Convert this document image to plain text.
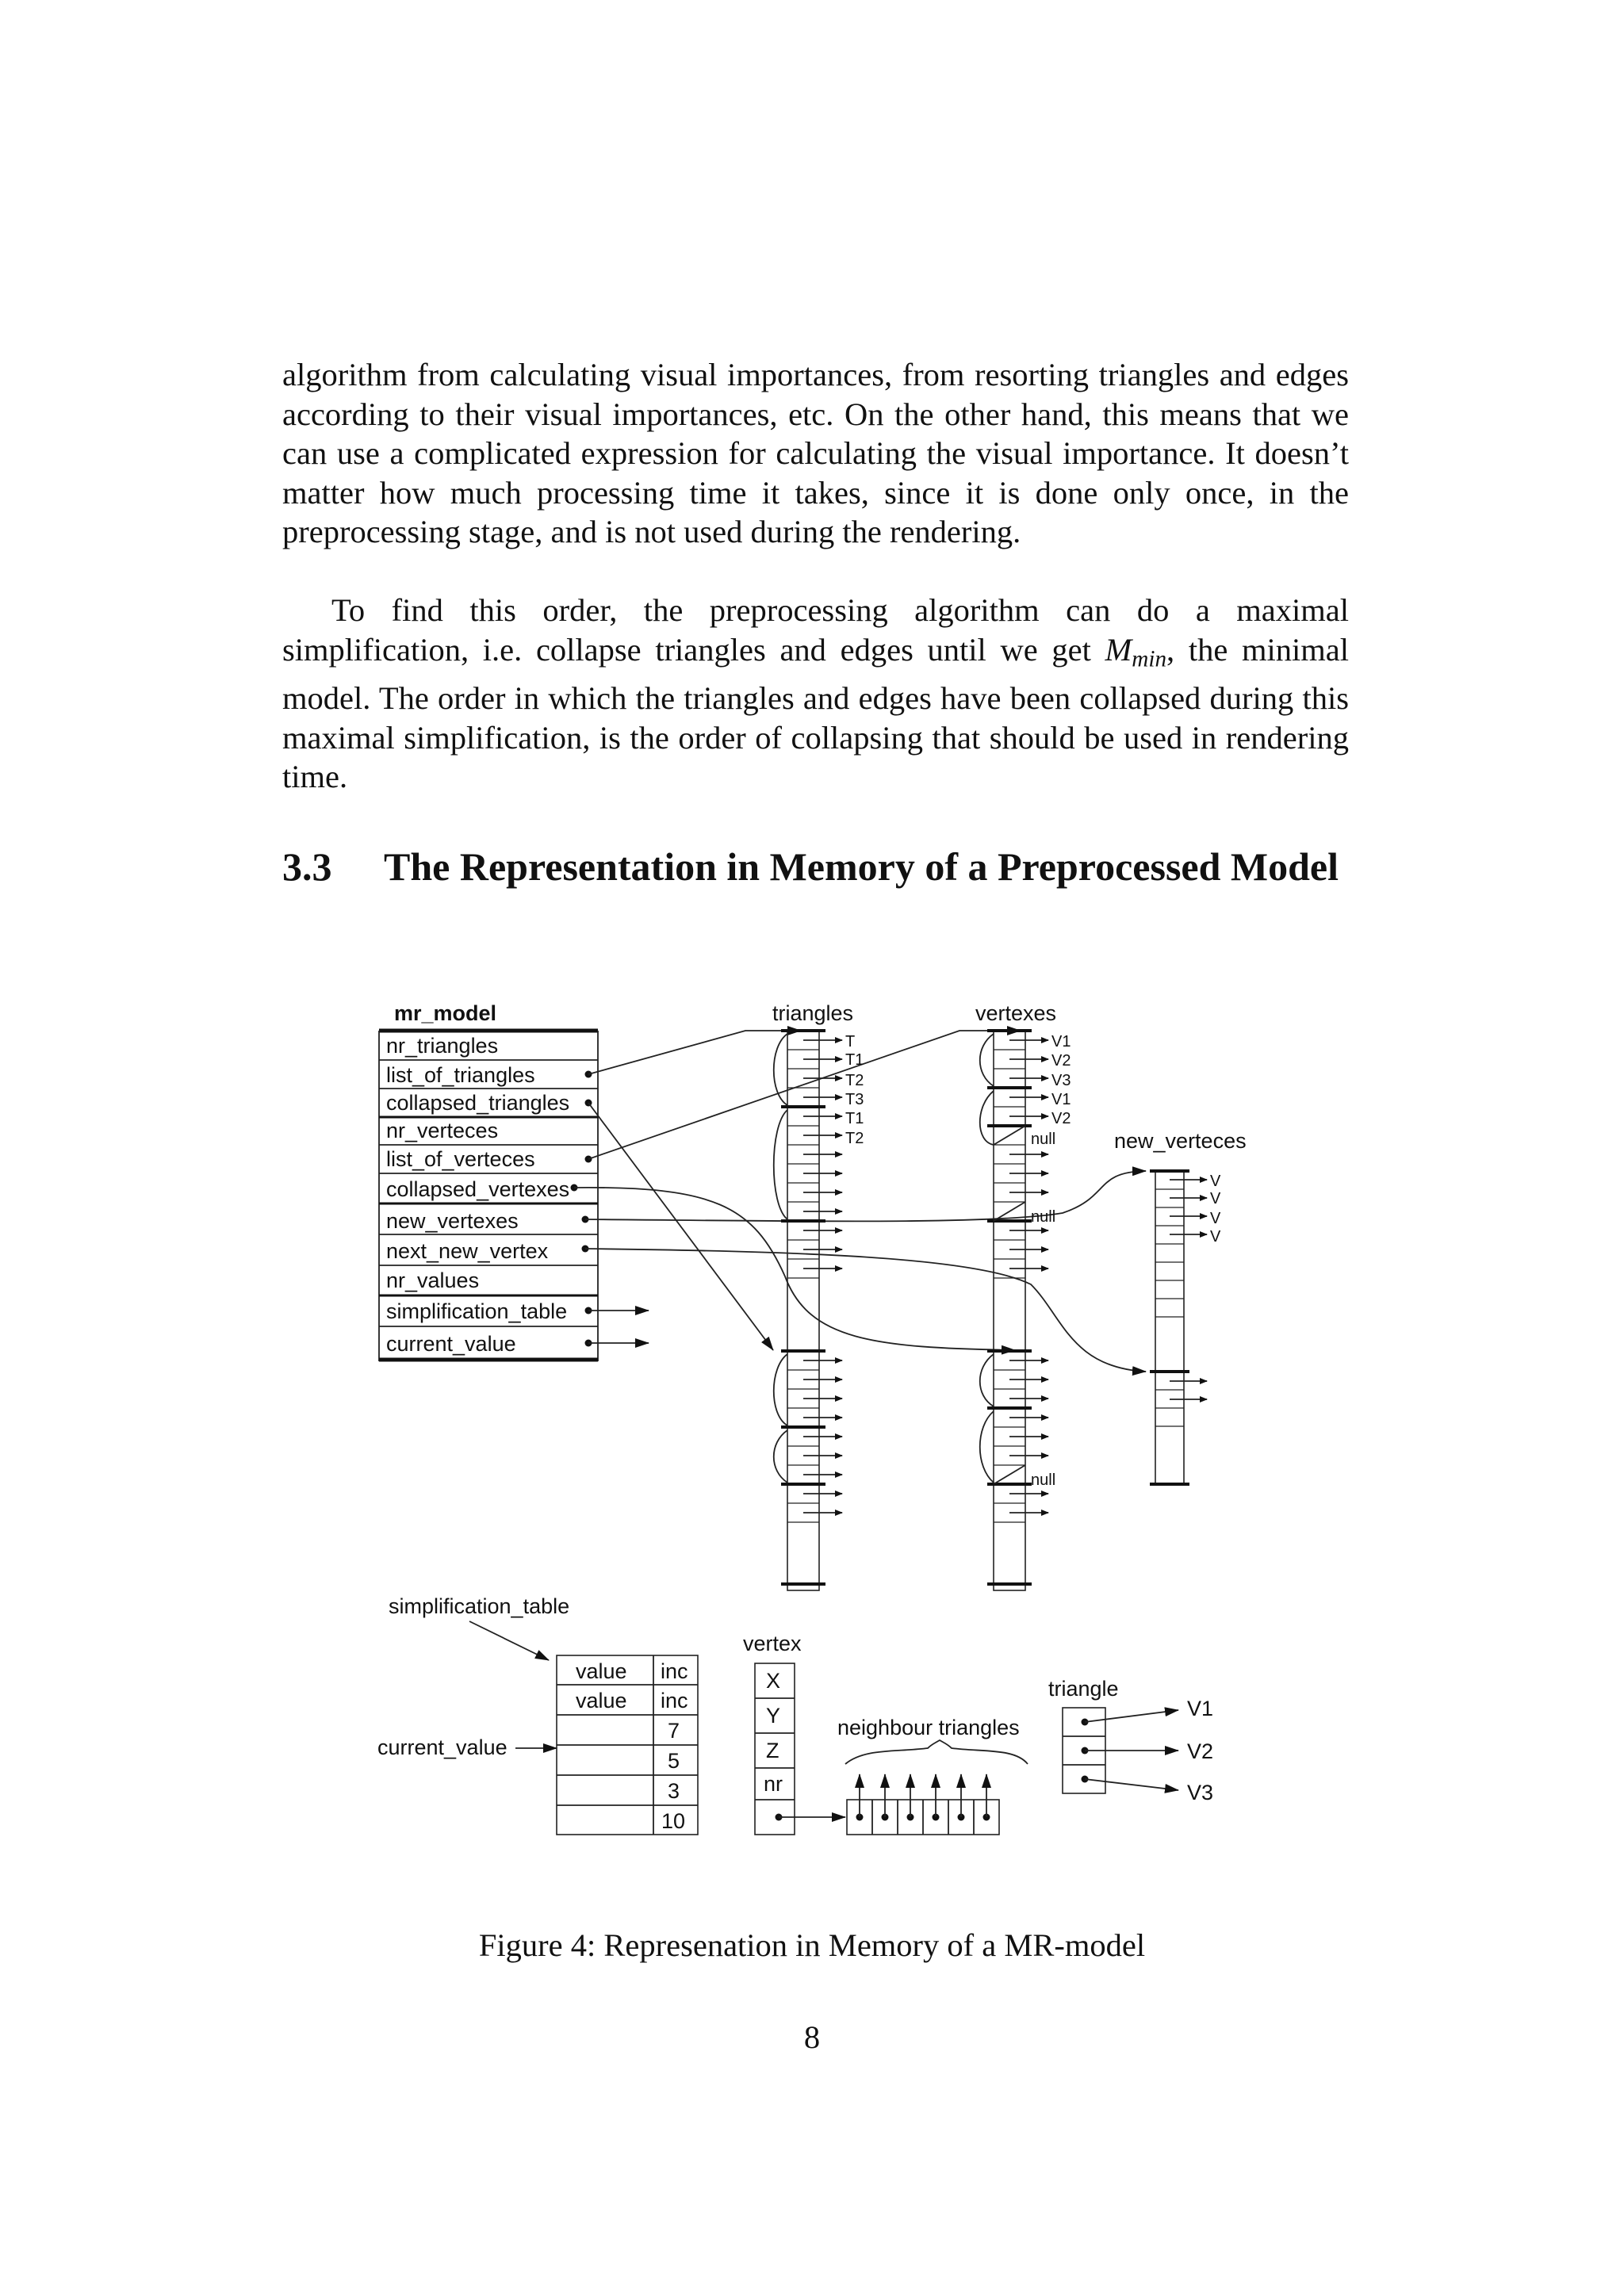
algorithm from calculating visual importances, from resorting triangles and edges according to their visual importances, etc. On the other hand, this means that we can use a complicated expression for calculating the visual importance. It doesn’t matter how much processing time it takes, since it is done only once, in the preprocessing stage, and is not used during the rendering.

To find this order, the preprocessing algorithm can do a maximal simplification, i.e. collapse triangles and edges until we get $M_{min}$, the minimal model. The order in which the triangles and edges have been collapsed during this maximal simplification, is the order of collapsing that should be used in rendering time.

3.3 The Representation in Memory of a Preprocessed Model
mr_model
nr_triangles
list_of_triangles
collapsed_triangles
nr_verteces
list_of_verteces
collapsed_vertexes
new_vertexes
next_new_vertex
nr_values
simplification_table
current_value
triangles
T
T1
T2
T3
T1
T2
vertexes
V1
V2
V3
V1
V2
null
null
null
new_verteces
V
V
V
V
simplification_table
current_value
value inc
value inc
7
5
3
10
vertex
X
Y
Z
nr
neighbour triangles
triangle
V1
V2
V3
Figure 4: Represenation in Memory of a MR-model
8
